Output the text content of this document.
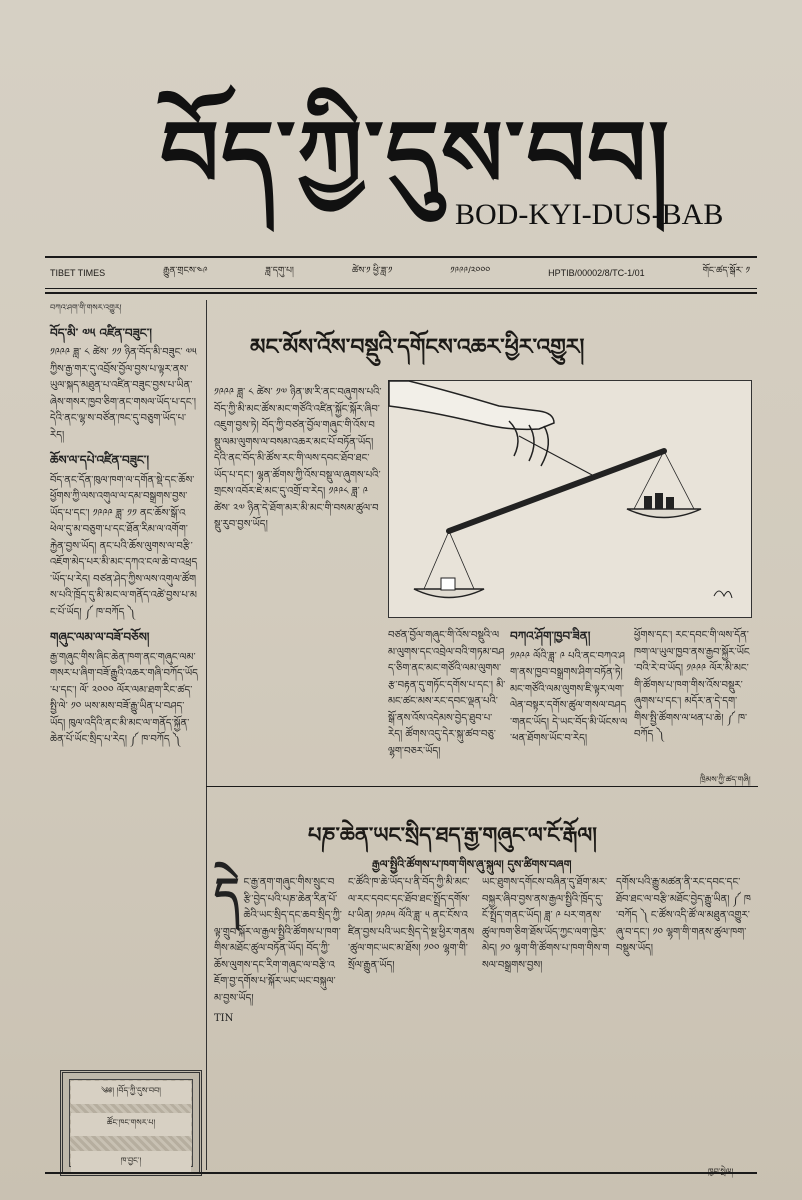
བོད་ཀྱི་དུས་བབ།
BOD-KYI-DUS-BAB
TIBET TIMES	རྒྱུན་གྲངས་༤༩	ཟླ་དགུ་པ།	ཚེས་༡ ཕྱི་ཟླ་༡	༡༩༩༩/༢༠༠༠	HPTIB/00002/8/TC-1/01	གོང་ཚད་སྒོར་ ༡

བཀའ་ཤག་གི་གསར་འགྱུར།

བོད་མི་ ༧༥ འཛིན་བཟུང་།

༡༩༩༩ ཟླ་ ༨ ཚེས་ ༡༡ ཉིན་བོད་མི་བཟུང་ ༧༥ ཀྱིས་རྒྱ་གར་དུ་འབྲོས་བྱོལ་བྱས་པ་ལྟར་ནས་ཡུལ་སྐད་མཐུན་པ་འཛིན་བཟུང་བྱས་པ་ཡིན་ཞེས་གསར་ཁྱབ་ཅིག་ནང་གསལ་ཡོད་པ་དང་། དེའི་ནང་ལྷ་ས་བཙོན་ཁང་དུ་བཅུག་ཡོད་པ་རེད།

ཆོས་ལ་དཔེ་འཛིན་བཟུང་།

བོད་ནང་དོན་ཁུལ་ཁག་ལ་དགོན་སྡེ་དང་ཆོས་ཕྱོགས་ཀྱི་ལས་འགུལ་ལ་དམ་བསྒྲགས་བྱས་ཡོད་པ་དང་། ༡༩༩༩ ཟླ་ ༡༡ ནང་ཆོས་སྒོ་འཕེལ་དུ་མ་བཅུག་པ་དང་ཐོན་རིམ་ལ་འགོག་རྐྱེན་བྱས་ཡོད། ནང་པའི་ཆོས་ལུགས་ལ་བརྩི་འཇོག་མེད་པར་མི་མང་དཀའ་ངལ་ཆེ་བ་འཕྲད་ཡོད་པ་རེད། བཙན་ཤེད་ཀྱིས་ལས་འགུལ་ཚོགས་པའི་ཁྲོད་དུ་མི་མང་ལ་གནོད་འཚེ་བྱས་པ་མང་པོ་ཡོད། ༼ ཁ་བཀོད ༽

གཞུང་ལམ་ལ་བཟོ་བཅོས།

རྒྱ་གཞུང་གིས་ཞིང་ཆེན་ཁག་ནང་གཞུང་ལམ་གསར་པ་ཞིག་བཟོ་རྒྱུའི་འཆར་གཞི་བཀོད་ཡོད་པ་དང་། ལོ་ ༢༠༠༠ ལོར་ལམ་ཐག་རིང་ཚད་སྤྱི་ལེ་ ༡༠ ཡས་མས་བཟོ་རྒྱུ་ཡིན་པ་བཤད་ཡོད། ཁུལ་འདིའི་ནང་མི་མང་ལ་གནོད་སྐྱོན་ཆེན་པོ་ཡོང་སྲིད་པ་རེད། ༼ ཁ་བཀོད ༽

མང་མོས་འོས་བསྡུའི་དགོངས་འཆར་ཕྱིར་འགྱུར།

༡༩༩༩ ཟླ་ ༨ ཚེས་ ༡༧ ཉིན་ཨ་རི་ནང་བཞུགས་པའི་བོད་ཀྱི་མི་མང་ཚོས་མང་གཙོའི་འཛིན་སྐྱོང་སྐོར་ཞིབ་འཇུག་བྱས་ཏེ། བོད་ཀྱི་བཙན་བྱོལ་གཞུང་གི་འོས་བསྡུ་ལམ་ལུགས་ལ་བསམ་འཆར་མང་པོ་བཏོན་ཡོད། དེའི་ནང་བོད་མི་ཚོས་རང་གི་ལས་དབང་ཐོབ་ཐང་ཡོད་པ་དང་། ལྷན་ཚོགས་ཀྱི་འོས་བསྡུ་ལ་ཞུགས་པའི་གྲངས་འབོར་ཇེ་མང་དུ་འགྲོ་བ་རེད། ༡༩༩༨ ཟླ་ ༩ ཚེས་ ༢༧ ཉིན་དེ་ཐོག་མར་མི་མང་གི་བསམ་ཚུལ་བསྡུ་རུབ་བྱས་ཡོད།

བཙན་བྱོལ་གཞུང་གི་འོས་བསྡུའི་ལམ་ལུགས་དང་འབྲེལ་བའི་གཏམ་བཤད་ཅིག་ནང་མང་གཙོའི་ལམ་ལུགས་རྩ་བརྟན་དུ་གཏོང་དགོས་པ་དང་། མི་མང་ཚང་མས་རང་དབང་ལྡན་པའི་སྒོ་ནས་འོས་འདེམས་བྱེད་ཐུབ་པ་རེད། ཚོགས་འདུ་དེར་སྐུ་ཚབ་བཅུ་ལྷག་བཅར་ཡོད།

བཀའ་ཤོག་ཁྱབ་ཟིན།

༡༩༩༩ ལོའི་ཟླ་ ༩ པའི་ནང་བཀའ་ཤག་ནས་ཁྱབ་བསྒྲགས་ཤིག་བཏོན་ཏེ། མང་གཙོའི་ལམ་ལུགས་ཇི་ལྟར་ལག་ལེན་བསྟར་དགོས་ཚུལ་གསལ་བཤད་གནང་ཡོད། དེ་ཡང་བོད་མི་ཡོངས་ལ་ཕན་ཐོགས་ཡོང་བ་རེད།

ཕྱོགས་དང་། རང་དབང་གི་ལས་དོན་ཁག་ལ་ཡུལ་ཁྱབ་ནས་རྒྱབ་སྐྱོར་ཡོང་བའི་རེ་བ་ཡོད། ༡༩༩༩ ལོར་མི་མང་གི་ཚོགས་པ་ཁག་གིས་འོས་བསྡུར་ཞུགས་པ་དང་། མདོར་ན་དེ་དག་གིས་སྤྱི་ཚོགས་ལ་ཕན་པ་ཆེ། ༼ ཁ་བཀོད ༽

ཁྲིམས་ཀྱི་ཚད་གཞི།
པཎ་ཆེན་ཡང་སྲིད་ཐད་རྒྱ་གཞུང་ལ་ངོ་རྒོལ།
རྒྱལ་སྤྱིའི་ཚོགས་པ་ཁག་གིས་ཞུ་སྐུལ། དུས་ཚིགས་བཞག
དེ ང་རྒྱ་ནག་གཞུང་གིས་སྲུང་བརྩི་བྱེད་པའི་པཎ་ཆེན་རིན་པོ་ཆེའི་ཡང་སྲིད་དང་ཆབ་སྲིད་ཀྱི་ལྟ་གྲུབ་སྐོར་ལ་རྒྱལ་སྤྱིའི་ཚོགས་པ་ཁག་གིས་མཐོང་ཚུལ་བཏོན་ཡོད། བོད་ཀྱི་ཆོས་ལུགས་དང་རིག་གཞུང་ལ་བརྩི་འཇོག་བྱ་དགོས་པ་སྐོར་ཡང་ཡང་བསྐུལ་མ་བྱས་ཡོད།

TIN

ང་ཚོའི་ཁ་ཆེ་ཡོད་པ་ནི་བོད་ཀྱི་མི་མང་ལ་རང་དབང་དང་ཐོབ་ཐང་སྤྲོད་དགོས་པ་ཡིན། ༡༩༩༥ ལོའི་ཟླ་ ༥ ནང་ངོས་འཛིན་བྱས་པའི་ཡང་སྲིད་དེ་སྔ་ཕྱིར་གནས་ཚུལ་གང་ཡང་མ་ཐོས། ༡༠༠ ལྷག་གི་སྲོལ་རྒྱུན་ཡོད།

ཡང་ཐུགས་དགོངས་བཞིན་དུ་ཐོག་མར་བསྐྱར་ཞིབ་བྱས་ནས་རྒྱལ་སྤྱིའི་ཁྲོད་དུ་ངོ་སྤྲོད་གནང་ཡོད། ཟླ་ ༩ པར་གནས་ཚུལ་ཁག་ཅིག་ཐོས་ཡོད་ཀྱང་ལག་ཁྱེར་མེད། ༡༠ ལྷག་གི་ཚོགས་པ་ཁག་གིས་གསལ་བསྒྲགས་བྱས།

དགོས་པའི་རྒྱུ་མཚན་ནི་རང་དབང་དང་ཐོབ་ཐང་ལ་བརྩི་མཐོང་བྱེད་རྒྱུ་ཡིན། ༼ ཁ་བཀོད ༽ ང་ཚོས་འདི་ཚོ་ལ་མཐུན་འགྱུར་ཞུ་བ་དང་། ༡༠ ལྷག་གི་གནས་ཚུལ་ཁག་བསྡུས་ཡོད།

༄༅། །བོད་ཀྱི་དུས་བབ།
ཚོང་ཁང་གསར་པ།
ཁ་བྱང་།
